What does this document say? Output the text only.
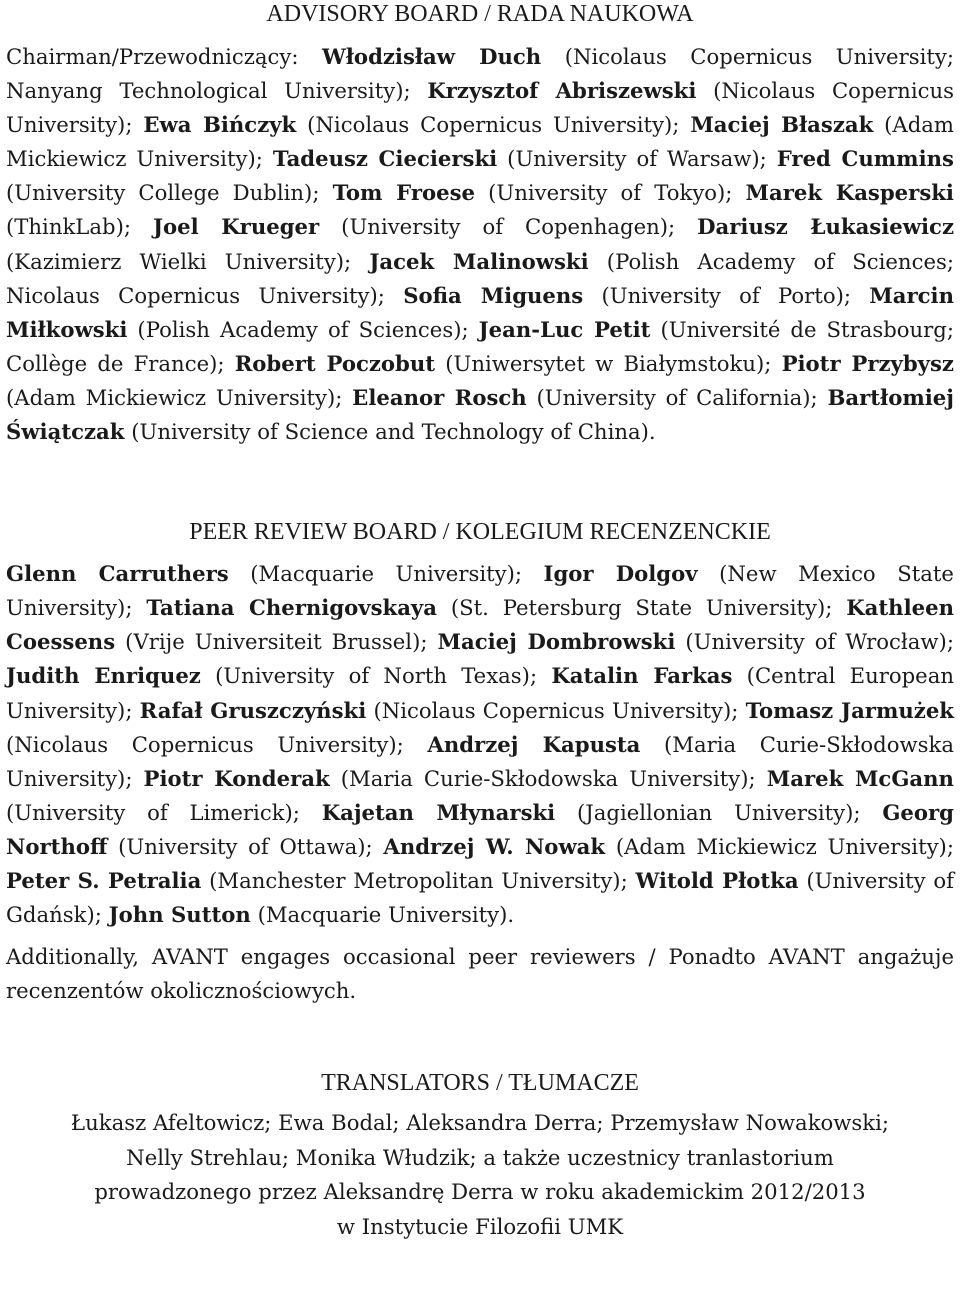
ADVISORY BOARD / RADA NAUKOWA

Chairman/Przewodniczący: Włodzisław Duch (Nicolaus Copernicus University; Nanyang Technological University); Krzysztof Abriszewski (Nicolaus Copernicus University); Ewa Bińczyk (Nicolaus Copernicus University); Maciej Błaszak (Adam Mickiewicz University); Tadeusz Ciecierski (University of Warsaw); Fred Cummins (University College Dublin); Tom Froese (University of Tokyo); Marek Kasperski (ThinkLab); Joel Krueger (University of Copenhagen); Dariusz Łukasiewicz (Kazimierz Wielki University); Jacek Malinowski (Polish Academy of Sciences; Nicolaus Copernicus University); Sofia Miguens (University of Porto); Marcin Miłkowski (Polish Academy of Sciences); Jean-Luc Petit (Université de Strasbourg; Collège de France); Robert Poczobut (Uniwersytet w Białymstoku); Piotr Przybysz (Adam Mickiewicz University); Eleanor Rosch (University of California); Bartłomiej Świątczak (University of Science and Technology of China).

PEER REVIEW BOARD / KOLEGIUM RECENZENCKIE

Glenn Carruthers (Macquarie University); Igor Dolgov (New Mexico State University); Tatiana Chernigovskaya (St. Petersburg State University); Kathleen Coessens (Vrije Universiteit Brussel); Maciej Dombrowski (University of Wrocław); Judith Enriquez (University of North Texas); Katalin Farkas (Central European University); Rafał Gruszczyński (Nicolaus Copernicus University); Tomasz Jarmużek (Nicolaus Copernicus University); Andrzej Kapusta (Maria Curie-Skłodowska University); Piotr Konderak (Maria Curie-Skłodowska University); Marek McGann (University of Limerick); Kajetan Młynarski (Jagiellonian University); Georg Northoff (University of Ottawa); Andrzej W. Nowak (Adam Mickiewicz University); Peter S. Petralia (Manchester Metropolitan University); Witold Płotka (University of Gdańsk); John Sutton (Macquarie University).

Additionally, AVANT engages occasional peer reviewers / Ponadto AVANT angażuje recenzentów okolicznościowych.

TRANSLATORS / TŁUMACZE
Łukasz Afeltowicz; Ewa Bodal; Aleksandra Derra; Przemysław Nowakowski;
Nelly Strehlau; Monika Włudzik; a także uczestnicy tranlastorium
prowadzonego przez Aleksandrę Derra w roku akademickim 2012/2013
w Instytucie Filozofii UMK
